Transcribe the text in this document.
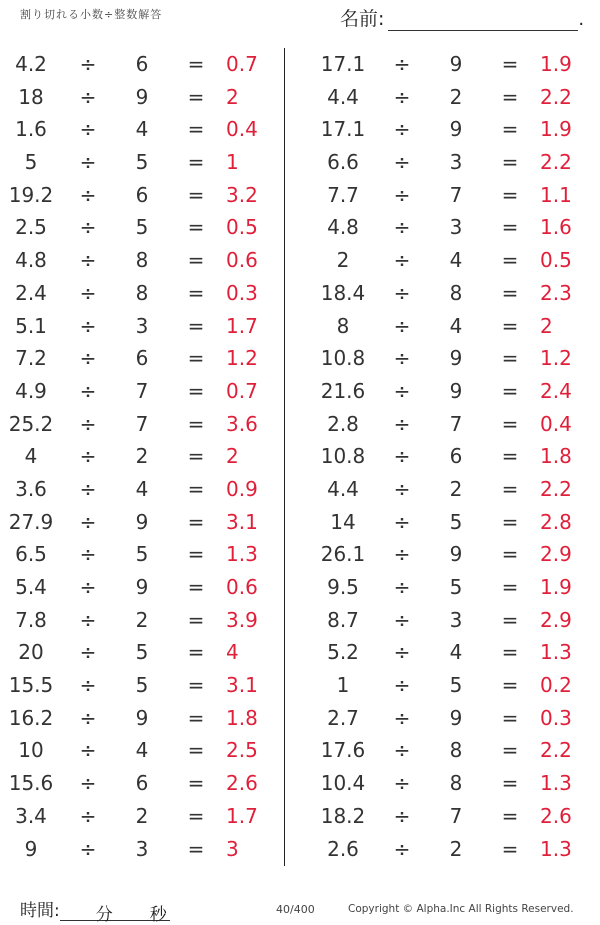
割り切れる小数÷整数解答	名前:	.
4.2	÷	6	=	0.7
18	÷	9	=	2
1.6	÷	4	=	0.4
5	÷	5	=	1
19.2	÷	6	=	3.2
2.5	÷	5	=	0.5
4.8	÷	8	=	0.6
2.4	÷	8	=	0.3
5.1	÷	3	=	1.7
7.2	÷	6	=	1.2
4.9	÷	7	=	0.7
25.2	÷	7	=	3.6
4	÷	2	=	2
3.6	÷	4	=	0.9
27.9	÷	9	=	3.1
6.5	÷	5	=	1.3
5.4	÷	9	=	0.6
7.8	÷	2	=	3.9
20	÷	5	=	4
15.5	÷	5	=	3.1
16.2	÷	9	=	1.8
10	÷	4	=	2.5
15.6	÷	6	=	2.6
3.4	÷	2	=	1.7
9	÷	3	=	3
17.1	÷	9	=	1.9
4.4	÷	2	=	2.2
17.1	÷	9	=	1.9
6.6	÷	3	=	2.2
7.7	÷	7	=	1.1
4.8	÷	3	=	1.6
2	÷	4	=	0.5
18.4	÷	8	=	2.3
8	÷	4	=	2
10.8	÷	9	=	1.2
21.6	÷	9	=	2.4
2.8	÷	7	=	0.4
10.8	÷	6	=	1.8
4.4	÷	2	=	2.2
14	÷	5	=	2.8
26.1	÷	9	=	2.9
9.5	÷	5	=	1.9
8.7	÷	3	=	2.9
5.2	÷	4	=	1.3
1	÷	5	=	0.2
2.7	÷	9	=	0.3
17.6	÷	8	=	2.2
10.4	÷	8	=	1.3
18.2	÷	7	=	2.6
2.6	÷	2	=	1.3
時間: 分 秒	40/400	Copyright © Alpha.Inc All Rights Reserved.
